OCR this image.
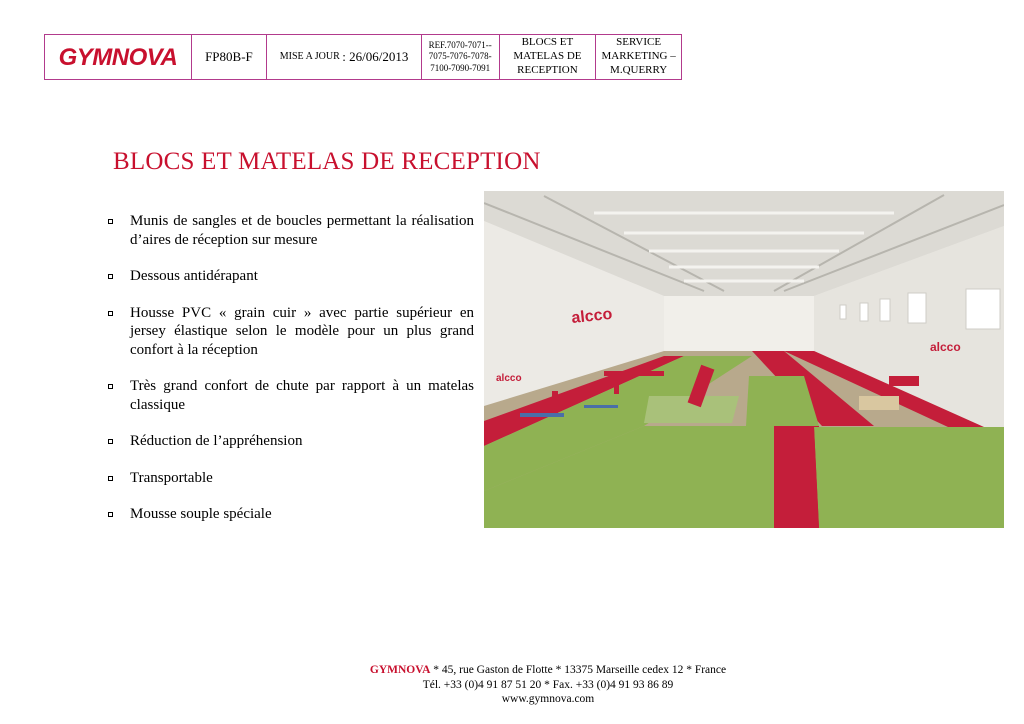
GYMNOVA	FP80B-F	MISE A JOUR
: 26/06/2013
REF.7070-7071--
7075-7076-7078-
7100-7090-7091
BLOCS ET
MATELAS DE
RECEPTION
SERVICE
MARKETING –
M.QUERRY
BLOCS ET MATELAS DE RECEPTION
Munis de sangles et de boucles permettant la réalisation d’aires de réception sur mesure
Dessous antidérapant
Housse PVC « grain cuir » avec partie supérieur en jersey élastique selon le modèle pour un plus grand confort à la réception
Très grand confort de chute par rapport à un matelas classique
Réduction de l’appréhension
Transportable
Mousse souple spéciale
alcco
alcco
alcco
GYMNOVA * 45, rue Gaston de Flotte * 13375 Marseille cedex 12 * France
Tél. +33 (0)4 91 87 51 20 * Fax. +33 (0)4 91 93 86 89
www.gymnova.com
